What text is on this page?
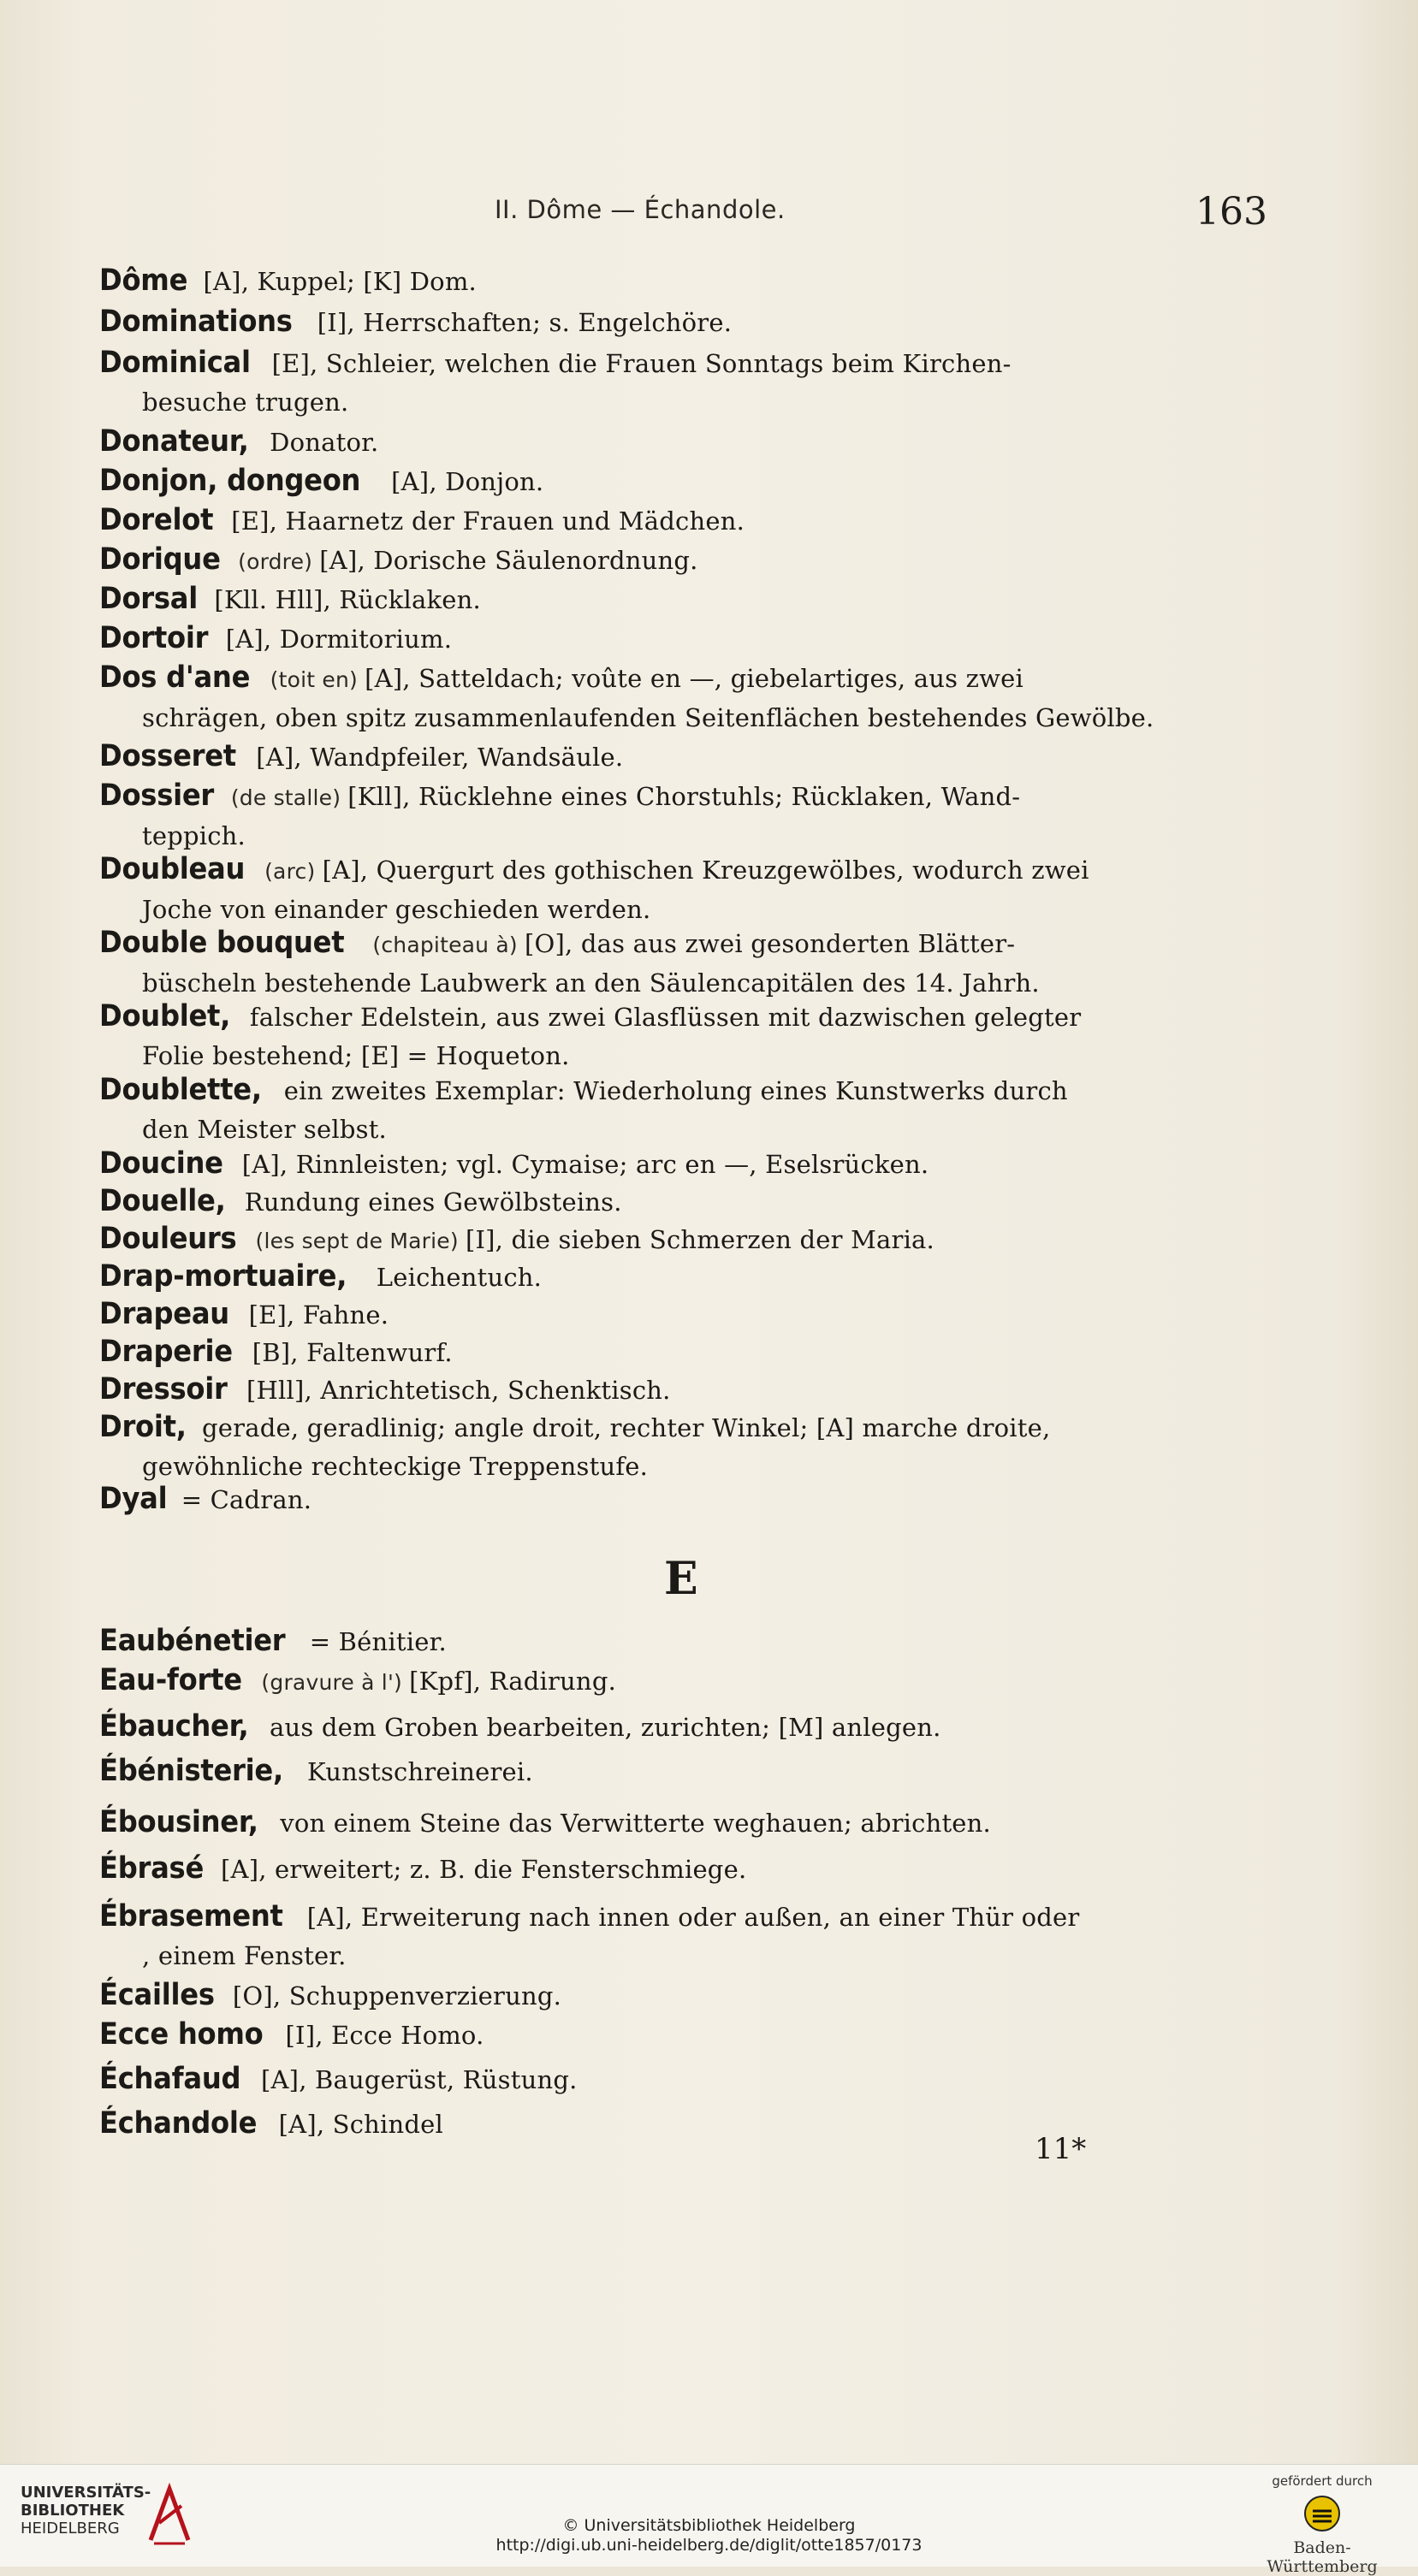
II. Dôme — Échandole.	163
Dôme [A], Kuppel; [K] Dom.
Dominations [I], Herrschaften; s. Engelchöre.
Dominical [E], Schleier, welchen die Frauen Sonntags beim Kirchen-
besuche trugen.
Donateur, Donator.
Donjon, dongeon [A], Donjon.
Dorelot [E], Haarnetz der Frauen und Mädchen.
Dorique (ordre) [A], Dorische Säulenordnung.
Dorsal [Kll. Hll], Rücklaken.
Dortoir [A], Dormitorium.
Dos d'ane (toit en) [A], Satteldach; voûte en —, giebelartiges, aus zwei
schrägen, oben spitz zusammenlaufenden Seitenflächen bestehendes Gewölbe.
Dosseret [A], Wandpfeiler, Wandsäule.
Dossier (de stalle) [Kll], Rücklehne eines Chorstuhls; Rücklaken, Wand-
teppich.
Doubleau (arc) [A], Quergurt des gothischen Kreuzgewölbes, wodurch zwei
Joche von einander geschieden werden.
Double bouquet (chapiteau à) [O], das aus zwei gesonderten Blätter-
büscheln bestehende Laubwerk an den Säulencapitälen des 14. Jahrh.
Doublet, falscher Edelstein, aus zwei Glasflüssen mit dazwischen gelegter
Folie bestehend; [E] = Hoqueton.
Doublette, ein zweites Exemplar: Wiederholung eines Kunstwerks durch
den Meister selbst.
Doucine [A], Rinnleisten; vgl. Cymaise; arc en —, Eselsrücken.
Douelle, Rundung eines Gewölbsteins.
Douleurs (les sept de Marie) [I], die sieben Schmerzen der Maria.
Drap-mortuaire, Leichentuch.
Drapeau [E], Fahne.
Draperie [B], Faltenwurf.
Dressoir [Hll], Anrichtetisch, Schenktisch.
Droit, gerade, geradlinig; angle droit, rechter Winkel; [A] marche droite,
gewöhnliche rechteckige Treppenstufe.
Dyal = Cadran.
E
Eaubénetier = Bénitier.
Eau-forte (gravure à l') [Kpf], Radirung.
Ébaucher, aus dem Groben bearbeiten, zurichten; [M] anlegen.
Ébénisterie, Kunstschreinerei.
Ébousiner, von einem Steine das Verwitterte weghauen; abrichten.
Ébrasé [A], erweitert; z. B. die Fensterschmiege.
Ébrasement [A], Erweiterung nach innen oder außen, an einer Thür oder
, einem Fenster.
Écailles [O], Schuppenverzierung.
Ecce homo [I], Ecce Homo.
Échafaud [A], Baugerüst, Rüstung.
Échandole [A], Schindel
11*
UNIVERSITÄTS-
BIBLIOTHEK
HEIDELBERG	© Universitätsbibliothek Heidelberg
http://digi.ub.uni-heidelberg.de/diglit/otte1857/0173
gefördert durch
Baden-Württemberg
